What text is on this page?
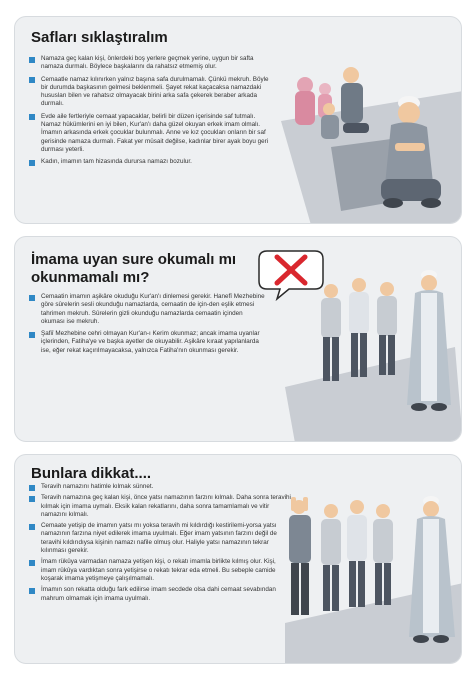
Safları sıklaştıralım
Namaza geç kalan kişi, önlerdeki boş yerlere geçmek yerine, uygun bir safta namaza durmalı. Böylece başkalarını da rahatsız etmemiş olur.
Cemaatle namaz kılınırken yalnız başına safa durulmamalı. Çünkü mekruh. Böyle bir durumda başkasının gelmesi beklenmeli. Şayet rekat kaçacaksa namazdaki hususları bilen ve rahatsız olmayacak birini arka safa çekerek beraber arkada durmalı.
Evde aile fertleriyle cemaat yapacaklar, belirli bir düzen içerisinde saf tutmalı. Namaz hükümlerini en iyi bilen, Kur'an'ı daha güzel okuyan erkek imam olmalı. İmamın arkasında erkek çocuklar bulunmalı. Anne ve kız çocukları onların bir saf gerisinde namaza durmalı. Fakat yer müsait değilse, kadınlar birer ayak boyu geri durması yeterli.
Kadın, imamın tam hizasında durursa namazı bozulur.
İmama uyan sure okumalı mı okunmamalı mı?
Cemaatin imamın aşikâre okuduğu Kur'an'ı dinlemesi gerekir. Hanefî Mezhebine göre sûrelerin sesli okunduğu namazlarda, cemaatin de için-den eşlik etmesi tahrimen mekruh. Sûrelerin gizli okunduğu namazlarda cemaatin içinden okuması ise mekruh.
Şafiî Mezhebine cehri olmayan Kur'an-ı Kerim okunmaz; ancak imama uyanlar içlerinden, Fatiha'ye ve başka ayetler de okuyabilir. Aşikâre kıraat yapılanlarda ise, eğer rekat kaçırılmayacaksa, yalnızca Fatiha'nın okunması gerekir.
Bunlara dikkat....
Teravih namazını hatimle kılmak sünnet.
Teravih namazına geç kalan kişi, önce yatsı namazının farzını kılmalı. Daha sonra teravihi kılmak için imama uymalı. Eksik kalan rekatlarını, daha sonra tamamlamalı ve vitir namazını kılmalı.
Cemaate yetişip de imamın yatsı mı yoksa teravih mi kıldırdığı kestirilemi-yorsa yatsı namazının farzına niyet edilerek imama uyulmalı. Eğer imam yatsının farzını değil de teravihi kıldırıdıysa kişinin namazı nafile olmuş olur. Haliyle yatsı namazının tekrar kılınması gerekir.
İmam rükûya varmadan namaza yetişen kişi, o rekatı imamla birlikte kılmış olur. Kişi, imam rükûya vardıktan sonra yetişirse o rekatı tekrar eda etmeli. Bu sebeple camide koşarak imama yetişmeye çalışılmamalı.
İmamın son rekatta olduğu fark edilirse imam secdede olsa dahi cemaat sevabından mahrum olmamak için imama uyulmalı.
